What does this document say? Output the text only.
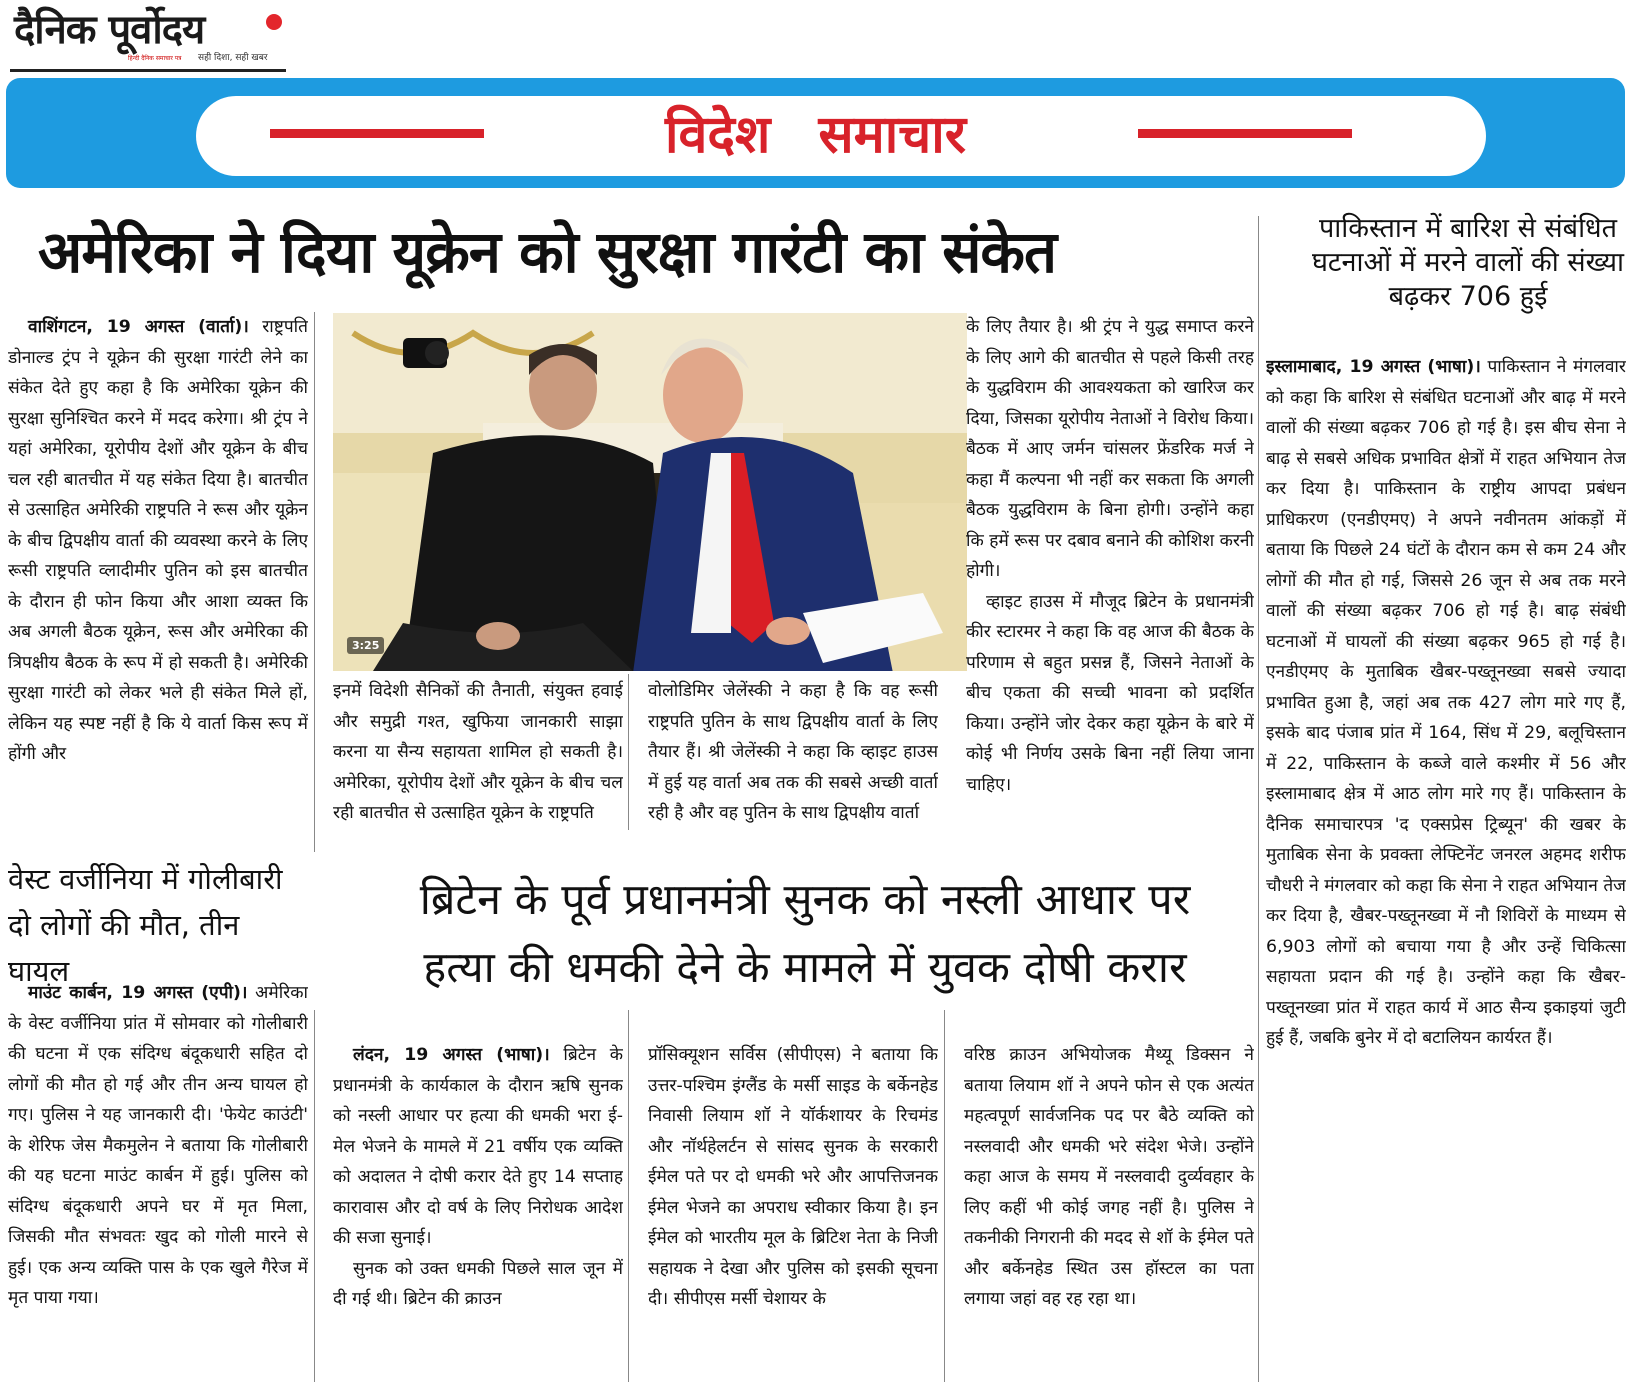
दैनिक पूर्वोदय
हिन्दी दैनिक समाचार पत्र सही दिशा, सही खबर
विदेश समाचार
अमेरिका ने दिया यूक्रेन को सुरक्षा गारंटी का संकेत	पाकिस्तान में बारिश से संबंधित घटनाओं में मरने वालों की संख्या बढ़कर 706 हुई

इस्लामाबाद, 19 अगस्त (भाषा)। पाकिस्तान ने मंगलवार को कहा कि बारिश से संबंधित घटनाओं और बाढ़ में मरने वालों की संख्या बढ़कर 706 हो गई है। इस बीच सेना ने बाढ़ से सबसे अधिक प्रभावित क्षेत्रों में राहत अभियान तेज कर दिया है। पाकिस्तान के राष्ट्रीय आपदा प्रबंधन प्राधिकरण (एनडीएमए) ने अपने नवीनतम आंकड़ों में बताया कि पिछले 24 घंटों के दौरान कम से कम 24 और लोगों की मौत हो गई, जिससे 26 जून से अब तक मरने वालों की संख्या बढ़कर 706 हो गई है। बाढ़ संबंधी घटनाओं में घायलों की संख्या बढ़कर 965 हो गई है। एनडीएमए के मुताबिक खैबर-पख्तूनख्वा सबसे ज्यादा प्रभावित हुआ है, जहां अब तक 427 लोग मारे गए हैं, इसके बाद पंजाब प्रांत में 164, सिंध में 29, बलूचिस्तान में 22, पाकिस्तान के कब्जे वाले कश्मीर में 56 और इस्लामाबाद क्षेत्र में आठ लोग मारे गए हैं। पाकिस्तान के दैनिक समाचारपत्र 'द एक्सप्रेस ट्रिब्यून' की खबर के मुताबिक सेना के प्रवक्ता लेफ्टिनेंट जनरल अहमद शरीफ चौधरी ने मंगलवार को कहा कि सेना ने राहत अभियान तेज कर दिया है, खैबर-पख्तूनख्वा में नौ शिविरों के माध्यम से 6,903 लोगों को बचाया गया है और उन्हें चिकित्सा सहायता प्रदान की गई है। उन्होंने कहा कि खैबर-पख्तूनख्वा प्रांत में राहत कार्य में आठ सैन्य इकाइयां जुटी हुई हैं, जबकि बुनेर में दो बटालियन कार्यरत हैं।

वाशिंगटन, 19 अगस्त (वार्ता)। राष्ट्रपति डोनाल्ड ट्रंप ने यूक्रेन की सुरक्षा गारंटी लेने का संकेत देते हुए कहा है कि अमेरिका यूक्रेन की सुरक्षा सुनिश्चित करने में मदद करेगा। श्री ट्रंप ने यहां अमेरिका, यूरोपीय देशों और यूक्रेन के बीच चल रही बातचीत में यह संकेत दिया है। बातचीत से उत्साहित अमेरिकी राष्ट्रपति ने रूस और यूक्रेन के बीच द्विपक्षीय वार्ता की व्यवस्था करने के लिए रूसी राष्ट्रपति व्लादीमीर पुतिन को इस बातचीत के दौरान ही फोन किया और आशा व्यक्त कि अब अगली बैठक यूक्रेन, रूस और अमेरिका की त्रिपक्षीय बैठक के रूप में हो सकती है। अमेरिकी सुरक्षा गारंटी को लेकर भले ही संकेत मिले हों, लेकिन यह स्पष्ट नहीं है कि ये वार्ता किस रूप में होंगी और

3:25

इनमें विदेशी सैनिकों की तैनाती, संयुक्त हवाई और समुद्री गश्त, खुफिया जानकारी साझा करना या सैन्य सहायता शामिल हो सकती है। अमेरिका, यूरोपीय देशों और यूक्रेन के बीच चल रही बातचीत से उत्साहित यूक्रेन के राष्ट्रपति

वोलोडिमिर जेलेंस्की ने कहा है कि वह रूसी राष्ट्रपति पुतिन के साथ द्विपक्षीय वार्ता के लिए तैयार हैं। श्री जेलेंस्की ने कहा कि व्हाइट हाउस में हुई यह वार्ता अब तक की सबसे अच्छी वार्ता रही है और वह पुतिन के साथ द्विपक्षीय वार्ता

के लिए तैयार है। श्री ट्रंप ने युद्ध समाप्त करने के लिए आगे की बातचीत से पहले किसी तरह के युद्धविराम की आवश्यकता को खारिज कर दिया, जिसका यूरोपीय नेताओं ने विरोध किया। बैठक में आए जर्मन चांसलर फ्रेंडरिक मर्ज ने कहा मैं कल्पना भी नहीं कर सकता कि अगली बैठक युद्धविराम के बिना होगी। उन्होंने कहा कि हमें रूस पर दबाव बनाने की कोशिश करनी होगी।

व्हाइट हाउस में मौजूद ब्रिटेन के प्रधानमंत्री कीर स्टारमर ने कहा कि वह आज की बैठक के परिणाम से बहुत प्रसन्न हैं, जिसने नेताओं के बीच एकता की सच्ची भावना को प्रदर्शित किया। उन्होंने जोर देकर कहा यूक्रेन के बारे में कोई भी निर्णय उसके बिना नहीं लिया जाना चाहिए।

वेस्ट वर्जीनिया में गोलीबारी दो लोगों की मौत, तीन घायल

माउंट कार्बन, 19 अगस्त (एपी)। अमेरिका के वेस्ट वर्जीनिया प्रांत में सोमवार को गोलीबारी की घटना में एक संदिग्ध बंदूकधारी सहित दो लोगों की मौत हो गई और तीन अन्य घायल हो गए। पुलिस ने यह जानकारी दी। 'फेयेट काउंटी' के शेरिफ जेस मैकमुलेन ने बताया कि गोलीबारी की यह घटना माउंट कार्बन में हुई। पुलिस को संदिग्ध बंदूकधारी अपने घर में मृत मिला, जिसकी मौत संभवतः खुद को गोली मारने से हुई। एक अन्य व्यक्ति पास के एक खुले गैरेज में मृत पाया गया।

ब्रिटेन के पूर्व प्रधानमंत्री सुनक को नस्ली आधार पर
हत्या की धमकी देने के मामले में युवक दोषी करार

लंदन, 19 अगस्त (भाषा)। ब्रिटेन के प्रधानमंत्री के कार्यकाल के दौरान ऋषि सुनक को नस्ली आधार पर हत्या की धमकी भरा ई-मेल भेजने के मामले में 21 वर्षीय एक व्यक्ति को अदालत ने दोषी करार देते हुए 14 सप्ताह कारावास और दो वर्ष के लिए निरोधक आदेश की सजा सुनाई।

सुनक को उक्त धमकी पिछले साल जून में दी गई थी। ब्रिटेन की क्राउन

प्रॉसिक्यूशन सर्विस (सीपीएस) ने बताया कि उत्तर-पश्चिम इंग्लैंड के मर्सी साइड के बर्केनहेड निवासी लियाम शॉ ने यॉर्कशायर के रिचमंड और नॉर्थहेलर्टन से सांसद सुनक के सरकारी ईमेल पते पर दो धमकी भरे और आपत्तिजनक ईमेल भेजने का अपराध स्वीकार किया है। इन ईमेल को भारतीय मूल के ब्रिटिश नेता के निजी सहायक ने देखा और पुलिस को इसकी सूचना दी। सीपीएस मर्सी चेशायर के

वरिष्ठ क्राउन अभियोजक मैथ्यू डिक्सन ने बताया लियाम शॉ ने अपने फोन से एक अत्यंत महत्वपूर्ण सार्वजनिक पद पर बैठे व्यक्ति को नस्लवादी और धमकी भरे संदेश भेजे। उन्होंने कहा आज के समय में नस्लवादी दुर्व्यवहार के लिए कहीं भी कोई जगह नहीं है। पुलिस ने तकनीकी निगरानी की मदद से शॉ के ईमेल पते और बर्केनहेड स्थित उस हॉस्टल का पता लगाया जहां वह रह रहा था।
